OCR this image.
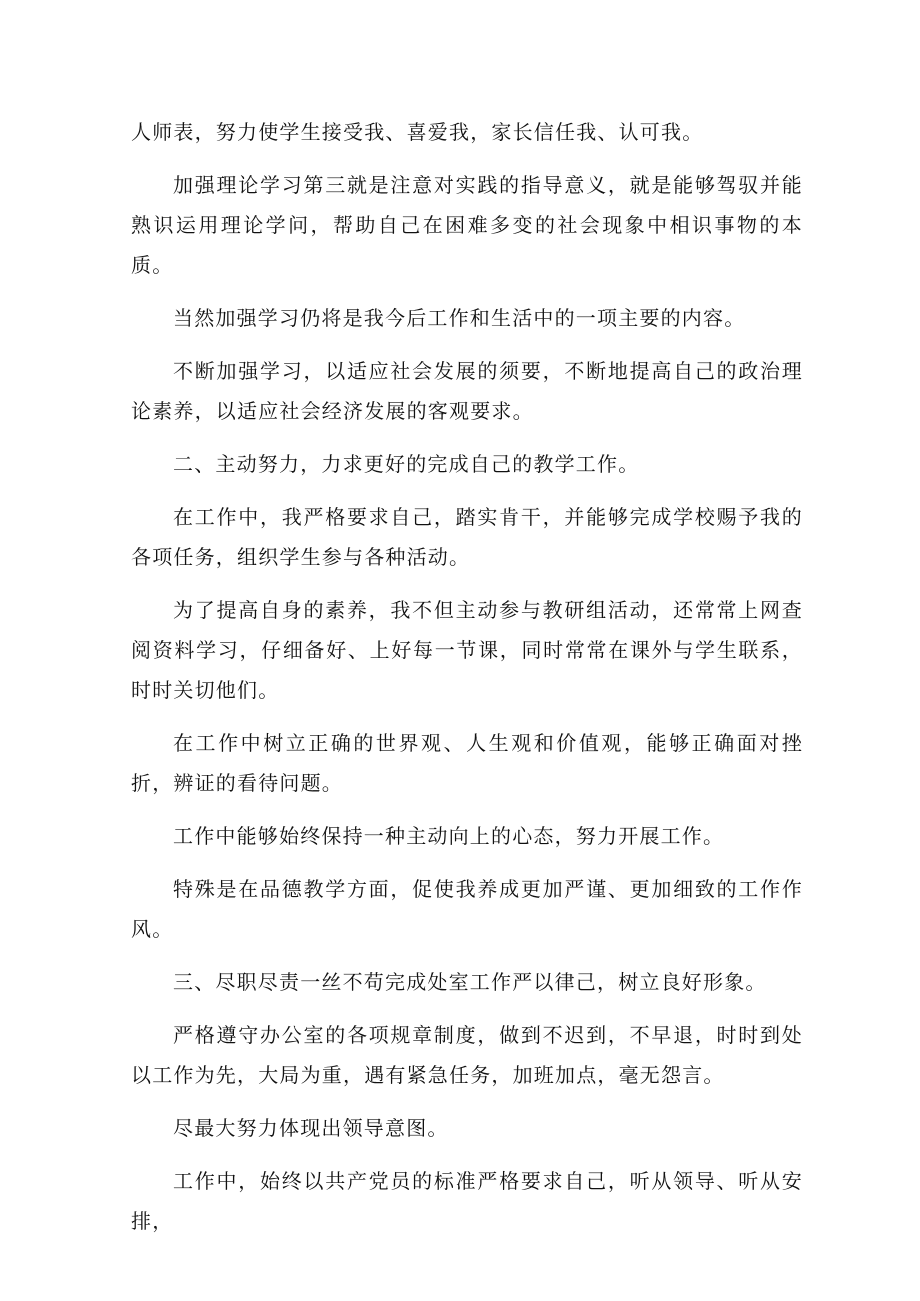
人师表，努力使学生接受我、喜爱我，家长信任我、认可我。

加强理论学习第三就是注意对实践的指导意义，就是能够驾驭并能熟识运用理论学问，帮助自己在困难多变的社会现象中相识事物的本质。

当然加强学习仍将是我今后工作和生活中的一项主要的内容。

不断加强学习，以适应社会发展的须要，不断地提高自己的政治理论素养，以适应社会经济发展的客观要求。

二、主动努力，力求更好的完成自己的教学工作。

在工作中，我严格要求自己，踏实肯干，并能够完成学校赐予我的各项任务，组织学生参与各种活动。

为了提高自身的素养，我不但主动参与教研组活动，还常常上网查阅资料学习，仔细备好、上好每一节课，同时常常在课外与学生联系，时时关切他们。

在工作中树立正确的世界观、人生观和价值观，能够正确面对挫折，辨证的看待问题。

工作中能够始终保持一种主动向上的心态，努力开展工作。

特殊是在品德教学方面，促使我养成更加严谨、更加细致的工作作风。

三、尽职尽责一丝不苟完成处室工作严以律己，树立良好形象。

严格遵守办公室的各项规章制度，做到不迟到，不早退，时时到处以工作为先，大局为重，遇有紧急任务，加班加点，毫无怨言。

尽最大努力体现出领导意图。

工作中，始终以共产党员的标准严格要求自己，听从领导、听从安排，
